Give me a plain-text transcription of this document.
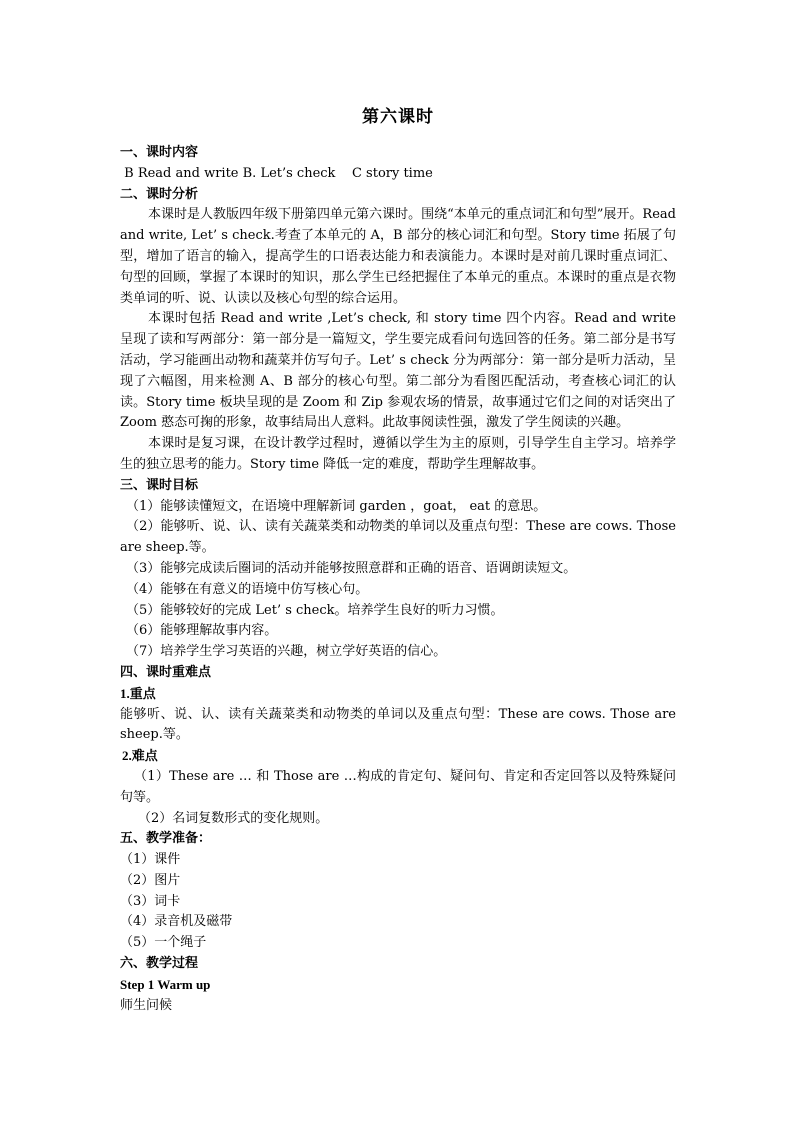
第六课时
一、课时内容
B Read and write B. Let’s check    C story time
二、课时分析

本课时是人教版四年级下册第四单元第六课时。围绕“本单元的重点词汇和句型”展开。Read and write, Let’ s check.考查了本单元的 A，B 部分的核心词汇和句型。Story time 拓展了句型，增加了语言的输入，提高学生的口语表达能力和表演能力。本课时是对前几课时重点词汇、句型的回顾，掌握了本课时的知识，那么学生已经把握住了本单元的重点。本课时的重点是衣物类单词的听、说、认读以及核心句型的综合运用。

本课时包括 Read and write ,Let’s check, 和 story time 四个内容。Read and write 呈现了读和写两部分：第一部分是一篇短文，学生要完成看问句选回答的任务。第二部分是书写活动，学习能画出动物和蔬菜并仿写句子。Let’ s check 分为两部分：第一部分是听力活动，呈现了六幅图，用来检测 A、B 部分的核心句型。第二部分为看图匹配活动，考查核心词汇的认读。Story time 板块呈现的是 Zoom 和 Zip 参观农场的情景，故事通过它们之间的对话突出了 Zoom 憨态可掬的形象，故事结局出人意料。此故事阅读性强，激发了学生阅读的兴趣。

本课时是复习课，在设计教学过程时，遵循以学生为主的原则，引导学生自主学习。培养学生的独立思考的能力。Story time 降低一定的难度，帮助学生理解故事。

三、课时目标
（1）能够读懂短文，在语境中理解新词 garden ，goat， eat 的意思。
（2）能够听、说、认、读有关蔬菜类和动物类的单词以及重点句型：These are cows. Those are sheep.等。
（3）能够完成读后圈词的活动并能够按照意群和正确的语音、语调朗读短文。
（4）能够在有意义的语境中仿写核心句。
（5）能够较好的完成 Let’ s check。培养学生良好的听力习惯。
（6）能够理解故事内容。
（7）培养学生学习英语的兴趣，树立学好英语的信心。
四、课时重难点
1.重点

能够听、说、认、读有关蔬菜类和动物类的单词以及重点句型：These are cows. Those are sheep.等。

2.难点

（1）These are … 和 Those are …构成的肯定句、疑问句、肯定和否定回答以及特殊疑问句等。

（2）名词复数形式的变化规则。
五、教学准备：
（1）课件
（2）图片
（3）词卡
（4）录音机及磁带
（5）一个绳子
六、教学过程
Step 1 Warm up
师生问候
